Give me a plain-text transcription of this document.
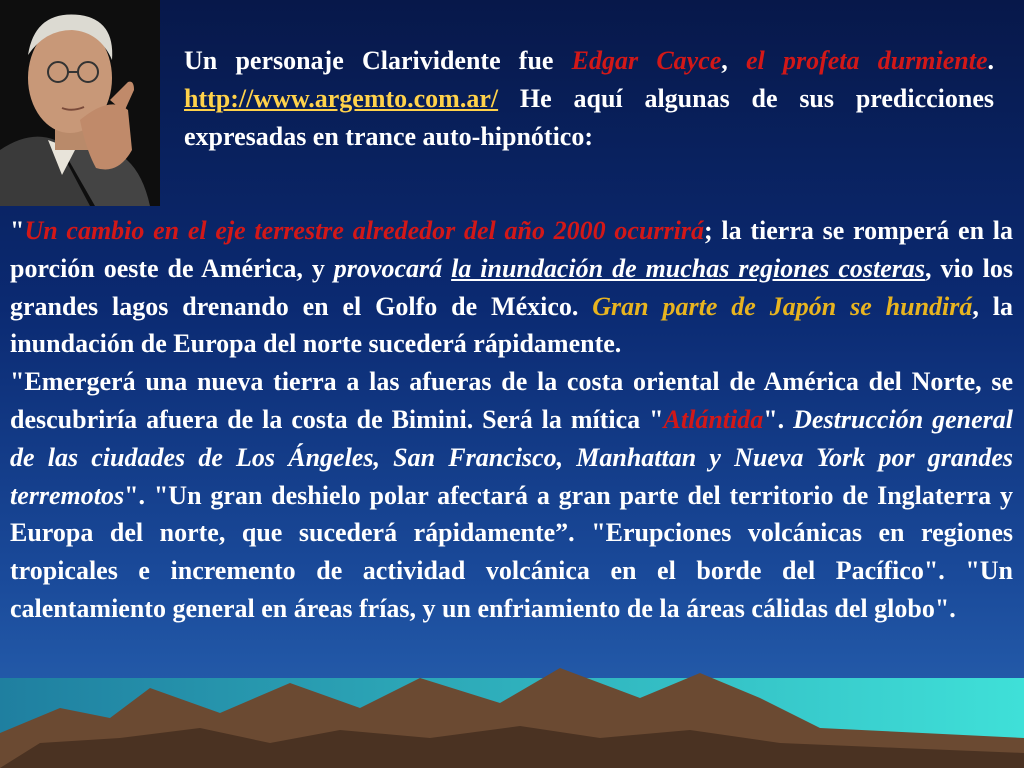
Un personaje Clarividente fue Edgar Cayce, el profeta durmiente. http://www.argemto.com.ar/ He aquí algunas de sus predicciones expresadas en trance auto-hipnótico:
"Un cambio en el eje terrestre alrededor del año 2000 ocurrirá; la tierra se romperá en la porción oeste de América, y provocará la inundación de muchas regiones costeras, vio los grandes lagos drenando en el Golfo de México. Gran parte de Japón se hundirá, la inundación de Europa del norte sucederá rápidamente.
"Emergerá una nueva tierra a las afueras de la costa oriental de América del Norte, se descubriría afuera de la costa de Bimini. Será la mítica "Atlántida". Destrucción general de las ciudades de Los Ángeles, San Francisco, Manhattan y Nueva York por grandes terremotos". "Un gran deshielo polar afectará a gran parte del territorio de Inglaterra y Europa del norte, que sucederá rápidamente”. "Erupciones volcánicas en regiones tropicales e incremento de actividad volcánica en el borde del Pacífico". "Un calentamiento general en áreas frías, y un enfriamiento de la áreas cálidas del globo".
